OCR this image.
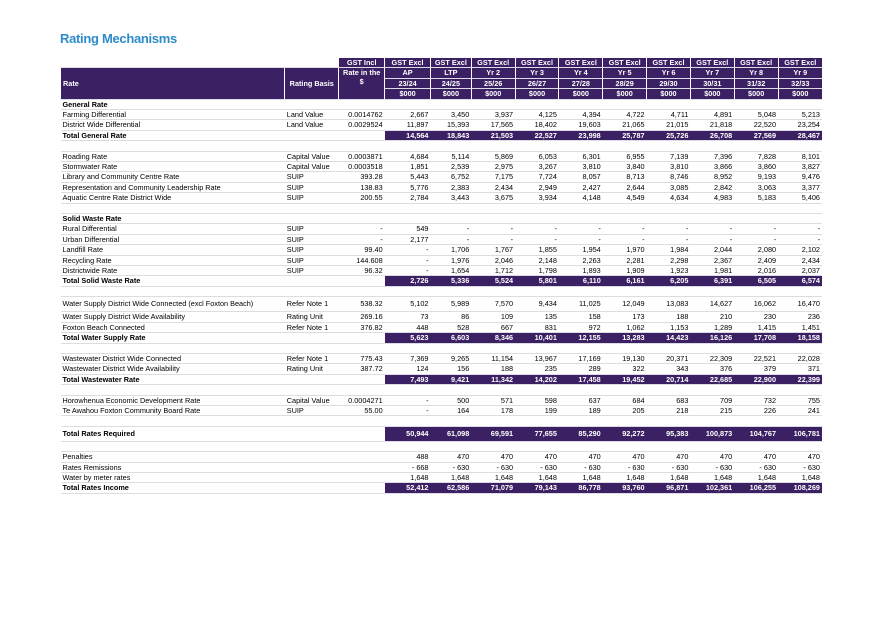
Rating Mechanisms
		GST Incl	GST Excl	GST Excl	GST Excl	GST Excl	GST Excl	GST Excl	GST Excl	GST Excl	GST Excl	GST Excl
Rate	Rating Basis	Rate in the $	AP	LTP	Yr 2	Yr 3	Yr 4	Yr 5	Yr 6	Yr 7	Yr 8	Yr 9
			23/24	24/25	25/26	26/27	27/28	28/29	29/30	30/31	31/32	32/33
			$000	$000	$000	$000	$000	$000	$000	$000	$000	$000
General Rate												
Farming Differential	Land Value	0.0014762	2,667	3,450	3,937	4,125	4,394	4,722	4,711	4,891	5,048	5,213
District Wide Differential	Land Value	0.0029524	11,897	15,393	17,565	18,402	19,603	21,065	21,015	21,818	22,520	23,254
Total General Rate			14,564	18,843	21,503	22,527	23,998	25,787	25,726	26,708	27,569	28,467

Roading Rate	Capital Value	0.0003871	4,684	5,114	5,869	6,053	6,301	6,955	7,139	7,396	7,828	8,101
Stormwater Rate	Capital Value	0.0003518	1,851	2,539	2,975	3,267	3,810	3,840	3,810	3,866	3,860	3,827
Library and Community Centre Rate	SUIP	393.28	5,443	6,752	7,175	7,724	8,057	8,713	8,746	8,952	9,193	9,476
Representation and Community Leadership Rate	SUIP	138.83	5,776	2,383	2,434	2,949	2,427	2,644	3,085	2,842	3,063	3,377
Aquatic Centre Rate District Wide	SUIP	200.55	2,784	3,443	3,675	3,934	4,148	4,549	4,634	4,983	5,183	5,406

Solid Waste Rate												
Rural Differential	SUIP	-	549	-	-	-	-	-	-	-	-	-
Urban Differential	SUIP	-	2,177	-	-	-	-	-	-	-	-	-
Landfill Rate	SUIP	99.40	-	1,706	1,767	1,855	1,954	1,970	1,984	2,044	2,080	2,102
Recycling Rate	SUIP	144.608	-	1,976	2,046	2,148	2,263	2,281	2,298	2,367	2,409	2,434
Districtwide Rate	SUIP	96.32	-	1,654	1,712	1,798	1,893	1,909	1,923	1,981	2,016	2,037
Total Solid Waste Rate			2,726	5,336	5,524	5,801	6,110	6,161	6,205	6,391	6,505	6,574

Water Supply District Wide Connected (excl Foxton Beach)	Refer Note 1	538.32	5,102	5,989	7,570	9,434	11,025	12,049	13,083	14,627	16,062	16,470
Water Supply District Wide Availability	Rating Unit	269.16	73	86	109	135	158	173	188	210	230	236
Foxton Beach Connected	Refer Note 1	376.82	448	528	667	831	972	1,062	1,153	1,289	1,415	1,451
Total Water Supply Rate			5,623	6,603	8,346	10,401	12,155	13,283	14,423	16,126	17,708	18,158

Wastewater District Wide Connected	Refer Note 1	775.43	7,369	9,265	11,154	13,967	17,169	19,130	20,371	22,309	22,521	22,028
Wastewater District Wide Availability	Rating Unit	387.72	124	156	188	235	289	322	343	376	379	371
Total Wastewater Rate			7,493	9,421	11,342	14,202	17,458	19,452	20,714	22,685	22,900	22,399

Horowhenua Economic Development Rate	Capital Value	0.0004271	-	500	571	598	637	684	683	709	732	755
Te Awahou Foxton Community Board Rate	SUIP	55.00	-	164	178	199	189	205	218	215	226	241

Total Rates Required			50,944	61,098	69,591	77,655	85,290	92,272	95,383	100,873	104,767	106,781

Penalties			488	470	470	470	470	470	470	470	470	470
Rates Remissions			- 668	- 630	- 630	- 630	- 630	- 630	- 630	- 630	- 630	- 630
Water by meter rates			1,648	1,648	1,648	1,648	1,648	1,648	1,648	1,648	1,648	1,648
Total Rates Income			52,412	62,586	71,079	79,143	86,778	93,760	96,871	102,361	106,255	108,269
